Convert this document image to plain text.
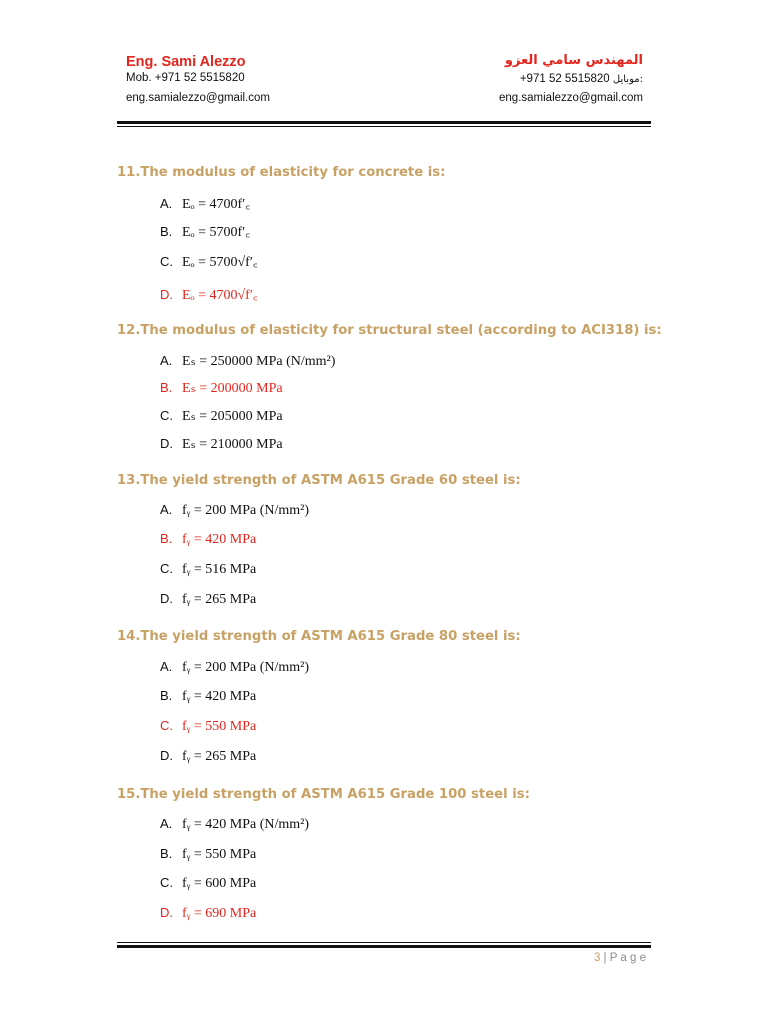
Eng. Sami Alezzo
Mob. +971 52 5515820
eng.samialezzo@gmail.com
المهندس سامي العزو
+971 52 5515820 موبايل:
eng.samialezzo@gmail.com
11.The modulus of elasticity for concrete is:
A. Eₒ = 4700f′꜀
B. Eₒ = 5700f′꜀
C. Eₒ = 5700√f′꜀
D. Eₒ = 4700√f′꜀
12.The modulus of elasticity for structural steel (according to ACI318) is:
A. Eₛ = 250000 MPa (N/mm²)
B. Eₛ = 200000 MPa
C. Eₛ = 205000 MPa
D. Eₛ = 210000 MPa
13.The yield strength of ASTM A615 Grade 60 steel is:
A. fᵧ = 200 MPa (N/mm²)
B. fᵧ = 420 MPa
C. fᵧ = 516 MPa
D. fᵧ = 265 MPa
14.The yield strength of ASTM A615 Grade 80 steel is:
A. fᵧ = 200 MPa (N/mm²)
B. fᵧ = 420 MPa
C. fᵧ = 550 MPa
D. fᵧ = 265 MPa
15.The yield strength of ASTM A615 Grade 100 steel is:
A. fᵧ = 420 MPa (N/mm²)
B. fᵧ = 550 MPa
C. fᵧ = 600 MPa
D. fᵧ = 690 MPa
3 | P a g e
